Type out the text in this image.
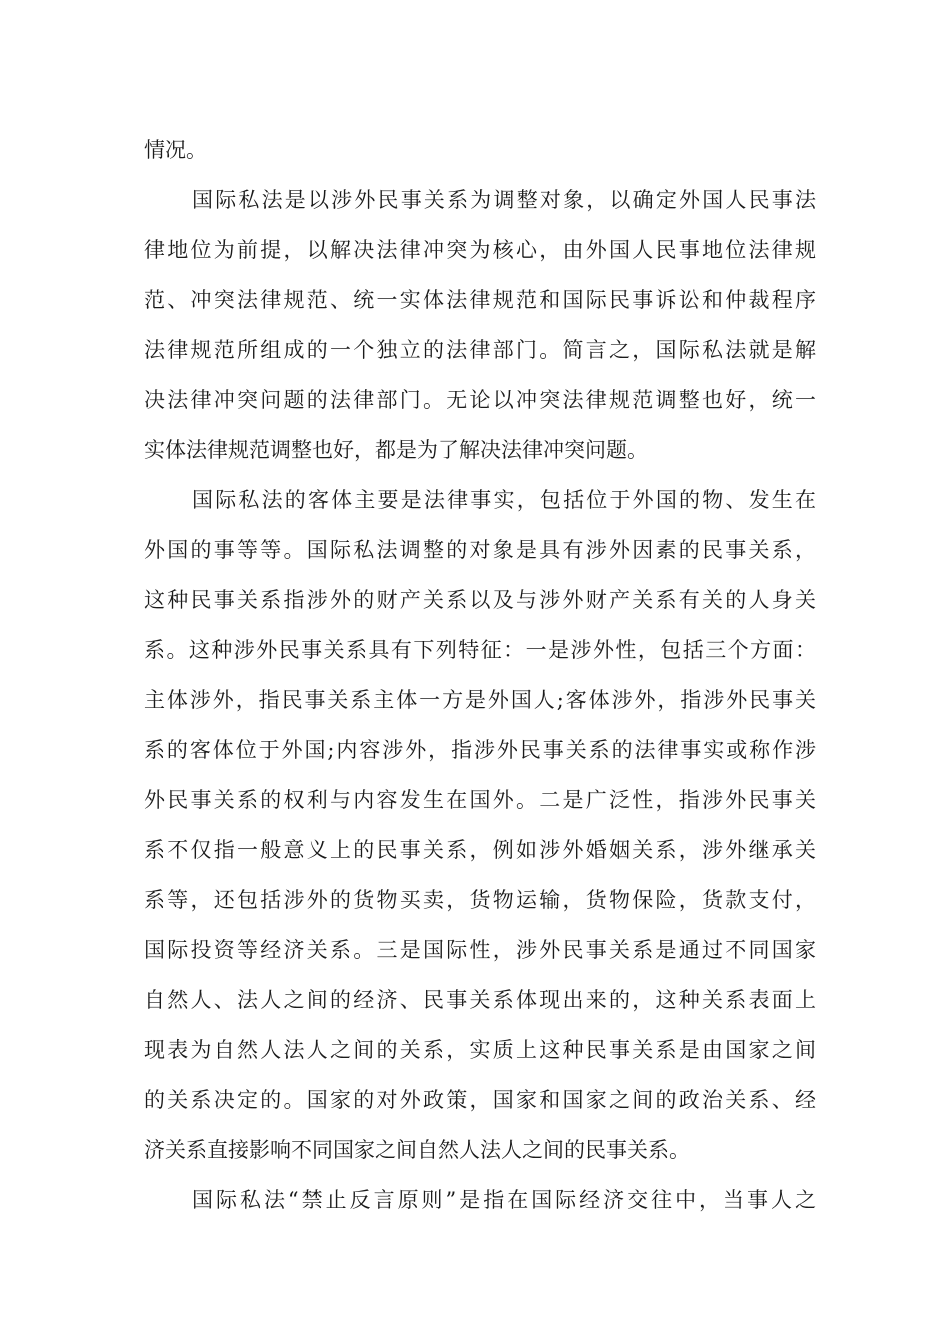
情况。
国际私法是以涉外民事关系为调整对象，以确定外国人民事法
律地位为前提，以解决法律冲突为核心，由外国人民事地位法律规
范、冲突法律规范、统一实体法律规范和国际民事诉讼和仲裁程序
法律规范所组成的一个独立的法律部门。简言之，国际私法就是解
决法律冲突问题的法律部门。无论以冲突法律规范调整也好，统一
实体法律规范调整也好，都是为了解决法律冲突问题。
国际私法的客体主要是法律事实，包括位于外国的物、发生在
外国的事等等。国际私法调整的对象是具有涉外因素的民事关系，
这种民事关系指涉外的财产关系以及与涉外财产关系有关的人身关
系。这种涉外民事关系具有下列特征：一是涉外性，包括三个方面：
主体涉外，指民事关系主体一方是外国人;客体涉外，指涉外民事关
系的客体位于外国;内容涉外，指涉外民事关系的法律事实或称作涉
外民事关系的权利与内容发生在国外。二是广泛性，指涉外民事关
系不仅指一般意义上的民事关系，例如涉外婚姻关系，涉外继承关
系等，还包括涉外的货物买卖，货物运输，货物保险，货款支付，
国际投资等经济关系。三是国际性，涉外民事关系是通过不同国家
自然人、法人之间的经济、民事关系体现出来的，这种关系表面上
现表为自然人法人之间的关系，实质上这种民事关系是由国家之间
的关系决定的。国家的对外政策，国家和国家之间的政治关系、经
济关系直接影响不同国家之间自然人法人之间的民事关系。
国际私法“禁止反言原则”是指在国际经济交往中，当事人之
